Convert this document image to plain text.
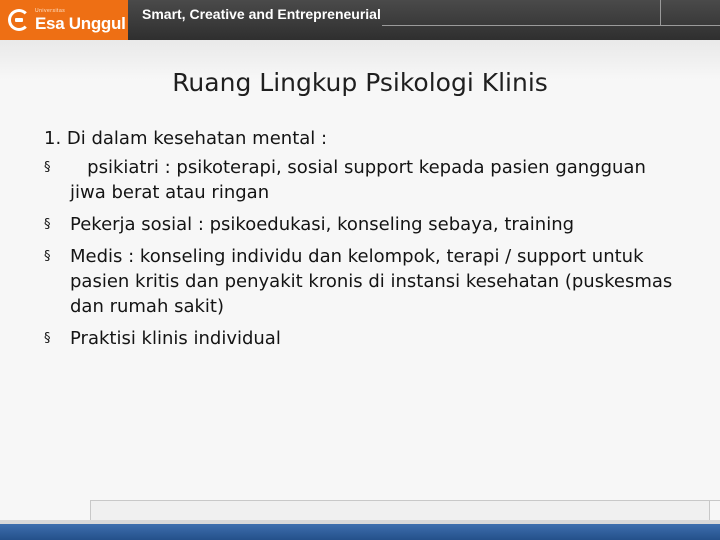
Universitas
Esa Unggul Smart, Creative and Entrepreneurial
Ruang Lingkup Psikologi Klinis

1. Di dalam kesehatan mental :

§	psikiatri : psikoterapi, sosial support kepada pasien gangguan jiwa berat atau ringan
§	Pekerja sosial : psikoedukasi, konseling sebaya, training
§	Medis : konseling individu dan kelompok, terapi / support untuk pasien kritis dan penyakit kronis di instansi kesehatan (puskesmas dan rumah sakit)
§	Praktisi klinis individual
